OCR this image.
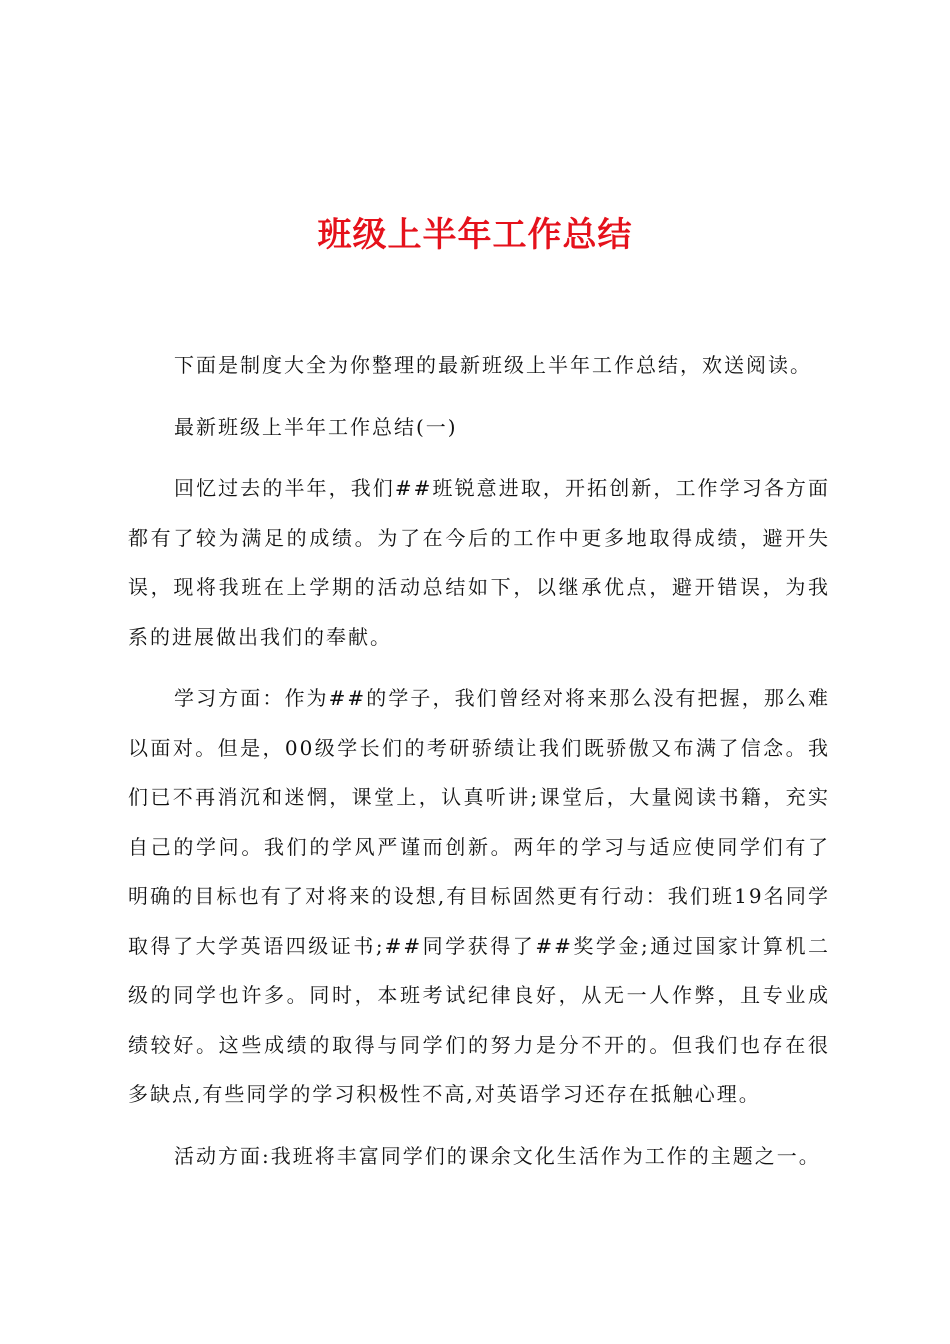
班级上半年工作总结

下面是制度大全为你整理的最新班级上半年工作总结，欢送阅读。

最新班级上半年工作总结(一)

回忆过去的半年，我们##班锐意进取，开拓创新，工作学习各方面都有了较为满足的成绩。为了在今后的工作中更多地取得成绩，避开失误，现将我班在上学期的活动总结如下，以继承优点，避开错误，为我系的进展做出我们的奉献。

学习方面：作为##的学子，我们曾经对将来那么没有把握，那么难以面对。但是，00级学长们的考研骄绩让我们既骄傲又布满了信念。我们已不再消沉和迷惘，课堂上，认真听讲;课堂后，大量阅读书籍，充实自己的学问。我们的学风严谨而创新。两年的学习与适应使同学们有了明确的目标也有了对将来的设想,有目标固然更有行动：我们班19名同学取得了大学英语四级证书;##同学获得了##奖学金;通过国家计算机二级的同学也许多。同时，本班考试纪律良好，从无一人作弊，且专业成绩较好。这些成绩的取得与同学们的努力是分不开的。但我们也存在很多缺点,有些同学的学习积极性不高,对英语学习还存在抵触心理。

活动方面:我班将丰富同学们的课余文化生活作为工作的主题之一。
